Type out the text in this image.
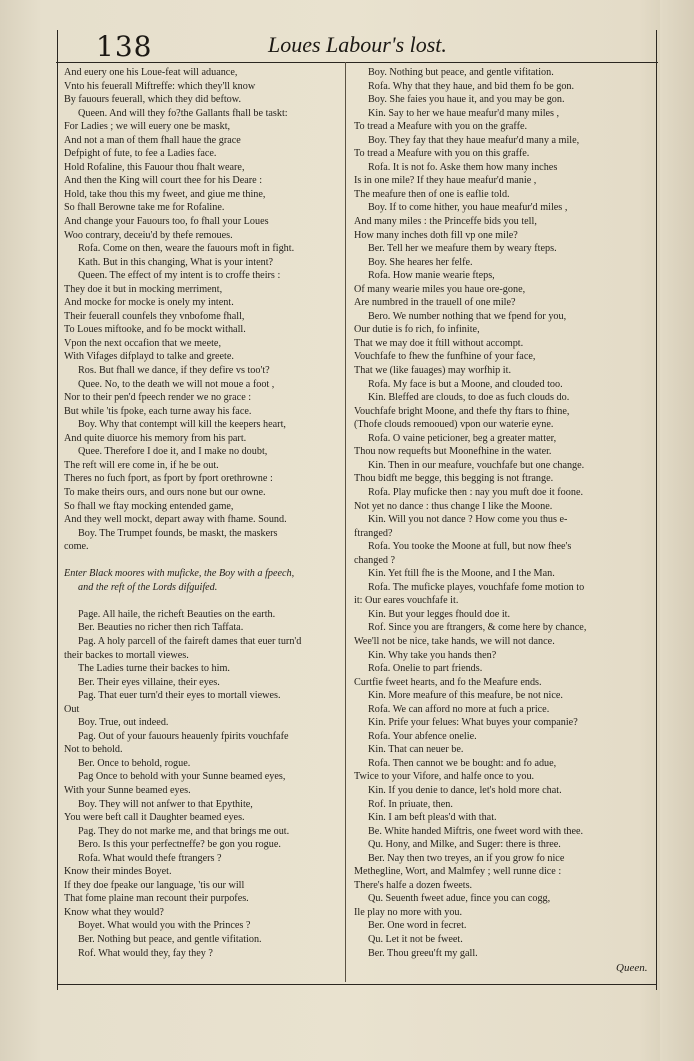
138	Loues Labour's lost.
And euery one his Loue-feat will aduance,
Vnto his feuerall Miftreffe: which they'll know
By fauours feuerall, which they did beftow.
Queen. And will they fo?the Gallants fhall be taskt:
For Ladies ; we will euery one be maskt,
And not a man of them fhall haue the grace
Defpight of fute, to fee a Ladies face.
Hold Rofaline, this Fauour thou fhalt weare,
And then the King will court thee for his Deare :
Hold, take thou this my fweet, and giue me thine,
So fhall Berowne take me for Rofaline.
And change your Fauours too, fo fhall your Loues
Woo contrary, deceiu'd by thefe remoues.
Rofa. Come on then, weare the fauours moft in fight.
Kath. But in this changing, What is your intent?
Queen. The effect of my intent is to croffe theirs :
They doe it but in mocking merriment,
And mocke for mocke is onely my intent.
Their feuerall counfels they vnbofome fhall,
To Loues miftooke, and fo be mockt withall.
Vpon the next occafion that we meete,
With Vifages difplayd to talke and greete.
Ros. But fhall we dance, if they defire vs too't?
Quee. No, to the death we will not moue a foot ,
Nor to their pen'd fpeech render we no grace :
But while 'tis fpoke, each turne away his face.
Boy. Why that contempt will kill the keepers heart,
And quite diuorce his memory from his part.
Quee. Therefore I doe it, and I make no doubt,
The reft will ere come in, if he be out.
Theres no fuch fport, as fport by fport orethrowne :
To make theirs ours, and ours none but our owne.
So fhall we ftay mocking entended game,
And they well mockt, depart away with fhame. Sound.
Boy. The Trumpet founds, be maskt, the maskers
come.
Enter Black moores with muficke, the Boy with a fpeech,
and the reft of the Lords difguifed.
Page. All haile, the richeft Beauties on the earth.
Ber. Beauties no richer then rich Taffata.
Pag. A holy parcell of the faireft dames that euer turn'd
their backes to mortall viewes.
The Ladies turne their backes to him.
Ber. Their eyes villaine, their eyes.
Pag. That euer turn'd their eyes to mortall viewes.
Out
Boy. True, out indeed.
Pag. Out of your fauours heauenly fpirits vouchfafe
Not to behold.
Ber. Once to behold, rogue.
Pag Once to behold with your Sunne beamed eyes,
With your Sunne beamed eyes.
Boy. They will not anfwer to that Epythite,
You were beft call it Daughter beamed eyes.
Pag. They do not marke me, and that brings me out.
Bero. Is this your perfectneffe? be gon you rogue.
Rofa. What would thefe ftrangers ?
Know their mindes Boyet.
If they doe fpeake our language, 'tis our will
That fome plaine man recount their purpofes.
Know what they would?
Boyet. What would you with the Princes ?
Ber. Nothing but peace, and gentle vifitation.
Rof. What would they, fay they ?
Boy. Nothing but peace, and gentle vifitation.
Rofa. Why that they haue, and bid them fo be gon.
Boy. She faies you haue it, and you may be gon.
Kin. Say to her we haue meafur'd many miles ,
To tread a Meafure with you on the graffe.
Boy. They fay that they haue meafur'd many a mile,
To tread a Meafure with you on this graffe.
Rofa. It is not fo. Aske them how many inches
Is in one mile? If they haue meafur'd manie ,
The meafure then of one is eaflie told.
Boy. If to come hither, you haue meafur'd miles ,
And many miles : the Princeffe bids you tell,
How many inches doth fill vp one mile?
Ber. Tell her we meafure them by weary fteps.
Boy. She heares her felfe.
Rofa. How manie wearie fteps,
Of many wearie miles you haue ore-gone,
Are numbred in the trauell of one mile?
Bero. We number nothing that we fpend for you,
Our dutie is fo rich, fo infinite,
That we may doe it ftill without accompt.
Vouchfafe to fhew the funfhine of your face,
That we (like fauages) may worfhip it.
Rofa. My face is but a Moone, and clouded too.
Kin. Bleffed are clouds, to doe as fuch clouds do.
Vouchfafe bright Moone, and thefe thy ftars to fhine,
(Thofe clouds remooued) vpon our waterie eyne.
Rofa. O vaine peticioner, beg a greater matter,
Thou now requefts but Moonefhine in the water.
Kin. Then in our meafure, vouchfafe but one change.
Thou bidft me begge, this begging is not ftrange.
Rofa. Play muficke then : nay you muft doe it foone.
Not yet no dance : thus change I like the Moone.
Kin. Will you not dance ? How come you thus e-
ftranged?
Rofa. You tooke the Moone at full, but now fhee's
changed ?
Kin. Yet ftill fhe is the Moone, and I the Man.
Rofa. The muficke playes, vouchfafe fome motion to
it: Our eares vouchfafe it.
Kin. But your legges fhould doe it.
Rof. Since you are ftrangers, & come here by chance,
Wee'll not be nice, take hands, we will not dance.
Kin. Why take you hands then?
Rofa. Onelie to part friends.
Curtfie fweet hearts, and fo the Meafure ends.
Kin. More meafure of this meafure, be not nice.
Rofa. We can afford no more at fuch a price.
Kin. Prife your felues: What buyes your companie?
Rofa. Your abfence onelie.
Kin. That can neuer be.
Rofa. Then cannot we be bought: and fo adue,
Twice to your Vifore, and halfe once to you.
Kin. If you denie to dance, let's hold more chat.
Rof. In priuate, then.
Kin. I am beft pleas'd with that.
Be. White handed Miftris, one fweet word with thee.
Qu. Hony, and Milke, and Suger: there is three.
Ber. Nay then two treyes, an if you grow fo nice
Methegline, Wort, and Malmfey ; well runne dice :
There's halfe a dozen fweets.
Qu. Seuenth fweet adue, fince you can cogg,
Ile play no more with you.
Ber. One word in fecret.
Qu. Let it not be fweet.
Ber. Thou greeu'ft my gall.
Queen.
